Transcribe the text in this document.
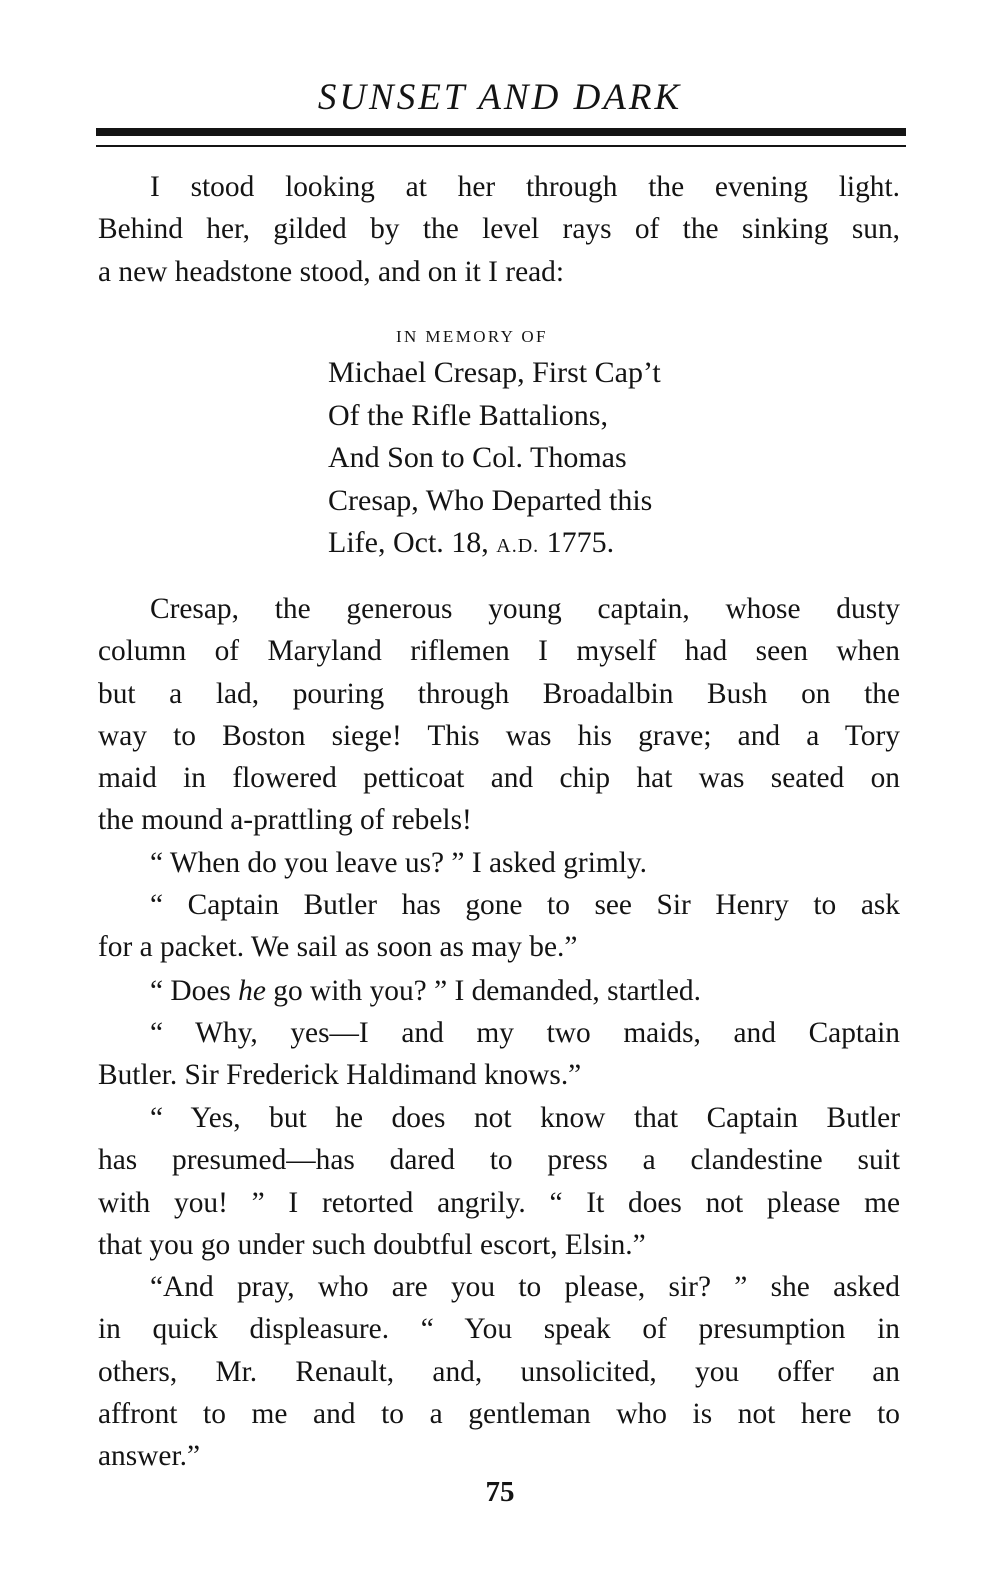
SUNSET AND DARK

I stood looking at her through the evening light.
Behind her, gilded by the level rays of the sinking sun,
a new headstone stood, and on it I read:

IN MEMORY OF
Michael Cresap, First Cap’t
Of the Rifle Battalions,
And Son to Col. Thomas
Cresap, Who Departed this
Life, Oct. 18, A.D. 1775.

Cresap, the generous young captain, whose dusty
column of Maryland riflemen I myself had seen when
but a lad, pouring through Broadalbin Bush on the
way to Boston siege! This was his grave; and a Tory
maid in flowered petticoat and chip hat was seated on
the mound a-prattling of rebels!

“ When do you leave us? ” I asked grimly.

“ Captain Butler has gone to see Sir Henry to ask
for a packet. We sail as soon as may be.”

“ Does he go with you? ” I demanded, startled.

“ Why, yes—I and my two maids, and Captain
Butler. Sir Frederick Haldimand knows.”

“ Yes, but he does not know that Captain Butler
has presumed—has dared to press a clandestine suit
with you! ” I retorted angrily. “ It does not please me
that you go under such doubtful escort, Elsin.”

“And pray, who are you to please, sir? ” she asked
in quick displeasure. “ You speak of presumption in
others, Mr. Renault, and, unsolicited, you offer an
affront to me and to a gentleman who is not here to
answer.”

75
